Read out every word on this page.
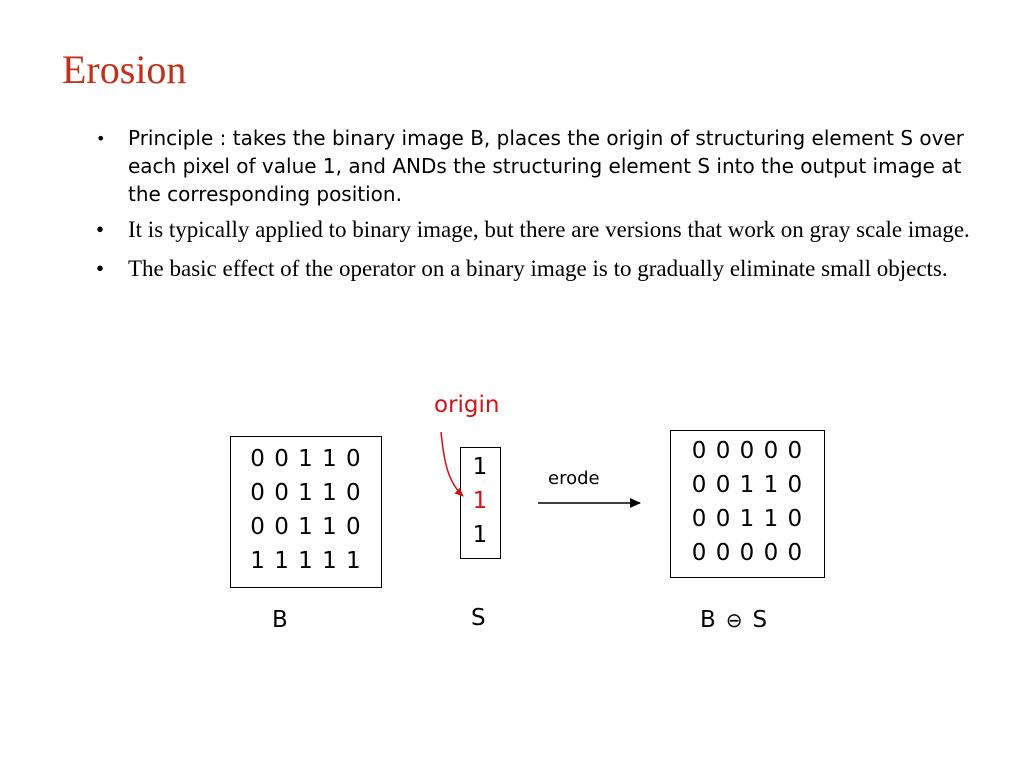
Erosion
• Principle : takes the binary image B, places the origin of structuring element S over each pixel of value 1, and ANDs the structuring element S into the output image at the corresponding position.
• It is typically applied to binary image, but there are versions that work on gray scale image.
• The basic effect of the operator on a binary image is to gradually eliminate small objects.
origin
0 0 1 1 0
0 0 1 1 0
0 0 1 1 0
1 1 1 1 1
1
1
1
erode
0 0 0 0 0
0 0 1 1 0
0 0 1 1 0
0 0 0 0 0
B	S	B ⊖ S
